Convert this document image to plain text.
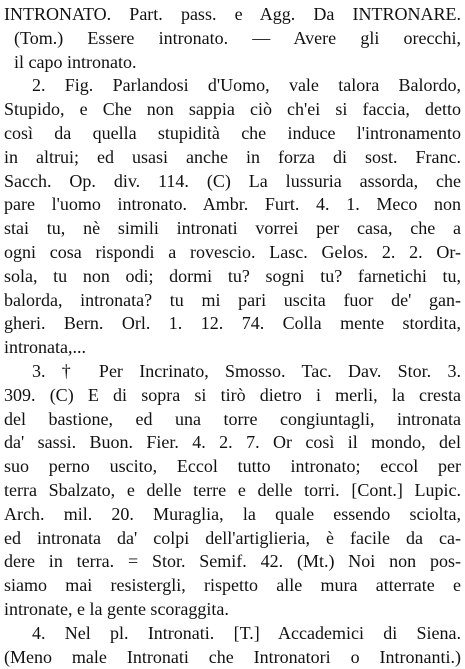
INTRONATO. Part. pass. e Agg. Da INTRONARE.
(Tom.) Essere intronato. — Avere gli orecchi,
il capo intronato.
2. Fig. Parlandosi d'Uomo, vale talora Balordo,
Stupido, e Che non sappia ciò ch'ei si faccia, detto
così da quella stupidità che induce l'intronamento
in altrui; ed usasi anche in forza di sost. Franc.
Sacch. Op. div. 114. (C) La lussuria assorda, che
pare l'uomo intronato. Ambr. Furt. 4. 1. Meco non
stai tu, nè simili intronati vorrei per casa, che a
ogni cosa rispondi a rovescio. Lasc. Gelos. 2. 2. Or-
sola, tu non odi; dormi tu? sogni tu? farnetichi tu,
balorda, intronata? tu mi pari uscita fuor de' gan-
gheri. Bern. Orl. 1. 12. 74. Colla mente stordita,
intronata,...
3. † Per Incrinato, Smosso. Tac. Dav. Stor. 3.
309. (C) E di sopra si tirò dietro i merli, la cresta
del bastione, ed una torre congiuntagli, intronata
da' sassi. Buon. Fier. 4. 2. 7. Or così il mondo, del
suo perno uscito, Eccol tutto intronato; eccol per
terra Sbalzato, e delle terre e delle torri. [Cont.] Lupic.
Arch. mil. 20. Muraglia, la quale essendo sciolta,
ed intronata da' colpi dell'artiglieria, è facile da ca-
dere in terra. = Stor. Semif. 42. (Mt.) Noi non pos-
siamo mai resistergli, rispetto alle mura atterrate e
intronate, e la gente scoraggita.
4. Nel pl. Intronati. [T.] Accademici di Siena.
(Meno male Intronati che Intronatori o Intronanti.)
